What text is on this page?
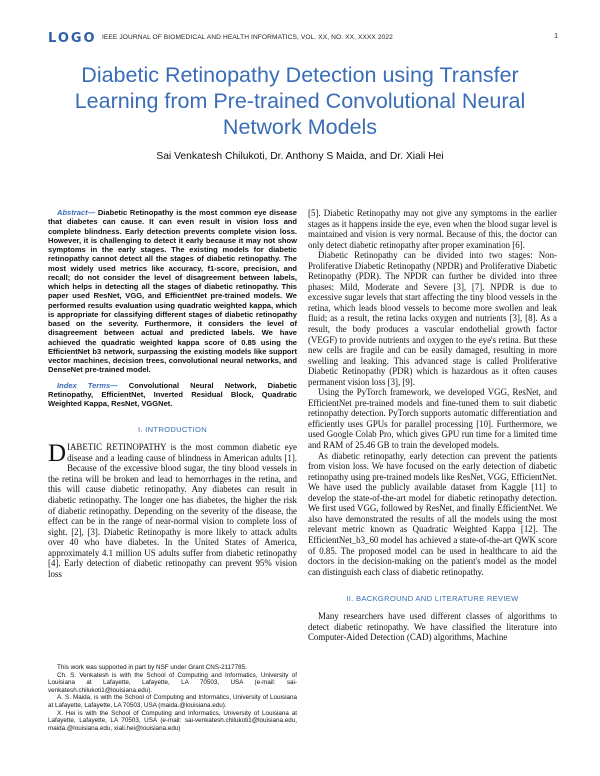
LOGO IEEE JOURNAL OF BIOMEDICAL AND HEALTH INFORMATICS, VOL. XX, NO. XX, XXXX 2022	1
Diabetic Retinopathy Detection using Transfer Learning from Pre-trained Convolutional Neural Network Models
Sai Venkatesh Chilukoti, Dr. Anthony S Maida, and Dr. Xiali Hei

Abstract— Diabetic Retinopathy is the most common eye disease that diabetes can cause. It can even result in vision loss and complete blindness. Early detection prevents complete vision loss. However, it is challenging to detect it early because it may not show symptoms in the early stages. The existing models for diabetic retinopathy cannot detect all the stages of diabetic retinopathy. The most widely used metrics like accuracy, f1-score, precision, and recall; do not consider the level of disagreement between labels, which helps in detecting all the stages of diabetic retinopathy. This paper used ResNet, VGG, and EfficientNet pre-trained models. We performed results evaluation using quadratic weighted kappa, which is appropriate for classifying different stages of diabetic retinopathy based on the severity. Furthermore, it considers the level of disagreement between actual and predicted labels. We have achieved the quadratic weighted kappa score of 0.85 using the EfficientNet b3 network, surpassing the existing models like support vector machines, decision trees, convolutional neural networks, and DenseNet pre-trained model.

Index Terms— Convolutional Neural Network, Diabetic Retinopathy, EfficientNet, Inverted Residual Block, Quadratic Weighted Kappa, ResNet, VGGNet.

I. INTRODUCTION

DIABETIC RETINOPATHY is the most common diabetic eye disease and a leading cause of blindness in American adults [1]. Because of the excessive blood sugar, the tiny blood vessels in the retina will be broken and lead to hemorrhages in the retina, and this will cause diabetic retinopathy. Any diabetes can result in diabetic retinopathy. The longer one has diabetes, the higher the risk of diabetic retinopathy. Depending on the severity of the disease, the effect can be in the range of near-normal vision to complete loss of sight. [2], [3]. Diabetic Retinopathy is more likely to attack adults over 40 who have diabetes. In the United States of America, approximately 4.1 million US adults suffer from diabetic retinopathy [4]. Early detection of diabetic retinopathy can prevent 95% vision loss

This work was supported in part by NSF under Grant CNS-2117785.

Ch. S. Venkatesh is with the School of Computing and Informatics, University of Louisiana at Lafayette, Lafayette, LA 70503, USA (e-mail: sai-venkatesh.chilukoti1@louisiana.edu).

A. S. Maida, is with the School of Computing and Informatics, University of Louisiana at Lafayette, Lafayette, LA 70503, USA (maida.@louisiana.edu).

X. Hei is with the School of Computing and Informatics, University of Louisiana at Lafayette, Lafayette, LA 70503, USA (e-mail: sai-venkatesh.chilukoti1@louisiana.edu, maida.@louisiana.edu, xiali.hei@louisiana.edu)

[5]. Diabetic Retinopathy may not give any symptoms in the earlier stages as it happens inside the eye, even when the blood sugar level is maintained and vision is very normal. Because of this, the doctor can only detect diabetic retinopathy after proper examination [6].

Diabetic Retinopathy can be divided into two stages: Non-Proliferative Diabetic Retinopathy (NPDR) and Proliferative Diabetic Retinopathy (PDR). The NPDR can further be divided into three phases: Mild, Moderate and Severe [3], [7]. NPDR is due to excessive sugar levels that start affecting the tiny blood vessels in the retina, which leads blood vessels to become more swollen and leak fluid; as a result, the retina lacks oxygen and nutrients [3], [8]. As a result, the body produces a vascular endothelial growth factor (VEGF) to provide nutrients and oxygen to the eye's retina. But these new cells are fragile and can be easily damaged, resulting in more swelling and leaking. This advanced stage is called Proliferative Diabetic Retinopathy (PDR) which is hazardous as it often causes permanent vision loss [3], [9].

Using the PyTorch framework, we developed VGG, ResNet, and EfficientNet pre-trained models and fine-tuned them to suit diabetic retinopathy detection. PyTorch supports automatic differentiation and efficiently uses GPUs for parallel processing [10]. Furthermore, we used Google Colab Pro, which gives GPU run time for a limited time and RAM of 25.46 GB to train the developed models.

As diabetic retinopathy, early detection can prevent the patients from vision loss. We have focused on the early detection of diabetic retinopathy using pre-trained models like ResNet, VGG, EfficientNet. We have used the publicly available dataset from Kaggle [11] to develop the state-of-the-art model for diabetic retinopathy detection. We first used VGG, followed by ResNet, and finally EfficientNet. We also have demonstrated the results of all the models using the most relevant metric known as Quadratic Weighted Kappa [12]. The EfficientNet_b3_60 model has achieved a state-of-the-art QWK score of 0.85. The proposed model can be used in healthcare to aid the doctors in the decision-making on the patient's model as the model can distinguish each class of diabetic retinopathy.

II. BACKGROUND AND LITERATURE REVIEW

Many researchers have used different classes of algorithms to detect diabetic retinopathy. We have classified the literature into Computer-Aided Detection (CAD) algorithms, Machine
